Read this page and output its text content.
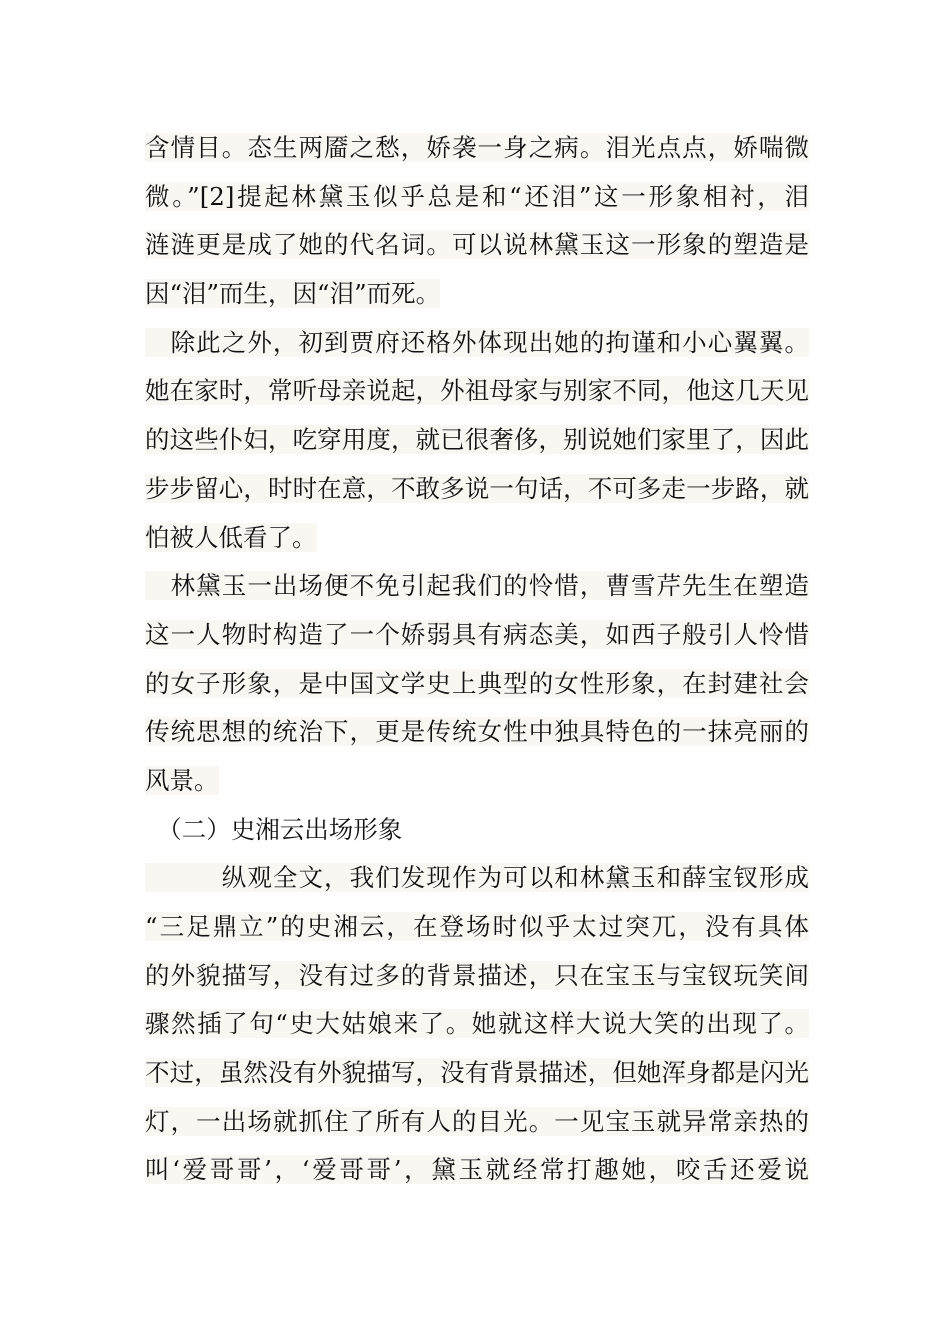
含情目。态生两靥之愁，娇袭一身之病。泪光点点，娇喘微
微。”[2]提起林黛玉似乎总是和“还泪”这一形象相衬，泪
涟涟更是成了她的代名词。可以说林黛玉这一形象的塑造是
因“泪”而生，因“泪”而死。
　除此之外，初到贾府还格外体现出她的拘谨和小心翼翼。
她在家时，常听母亲说起，外祖母家与别家不同，他这几天见
的这些仆妇，吃穿用度，就已很奢侈，别说她们家里了，因此
步步留心，时时在意，不敢多说一句话，不可多走一步路，就
怕被人低看了。
　林黛玉一出场便不免引起我们的怜惜，曹雪芹先生在塑造
这一人物时构造了一个娇弱具有病态美，如西子般引人怜惜
的女子形象，是中国文学史上典型的女性形象，在封建社会
传统思想的统治下，更是传统女性中独具特色的一抹亮丽的
风景。
　（二）史湘云出场形象
　　　纵观全文，我们发现作为可以和林黛玉和薛宝钗形成
“三足鼎立”的史湘云，在登场时似乎太过突兀，没有具体
的外貌描写，没有过多的背景描述，只在宝玉与宝钗玩笑间
骤然插了句“史大姑娘来了。她就这样大说大笑的出现了。
不过，虽然没有外貌描写，没有背景描述，但她浑身都是闪光
灯，一出场就抓住了所有人的目光。一见宝玉就异常亲热的
叫‘爱哥哥’，‘爱哥哥’，黛玉就经常打趣她，咬舌还爱说
